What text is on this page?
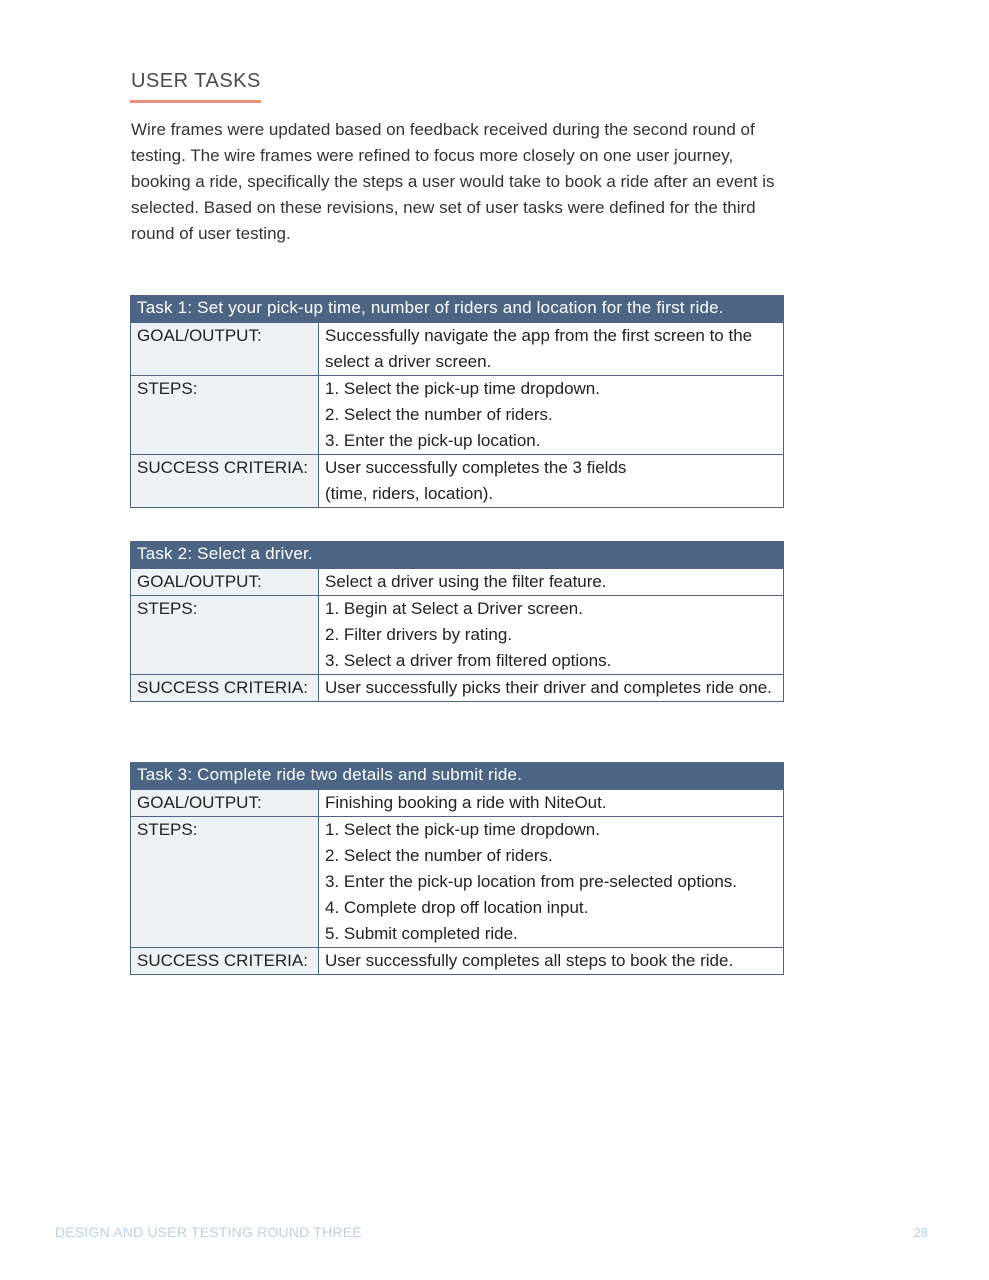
USER TASKS

Wire frames were updated based on feedback received during the second round of testing. The wire frames were refined to focus more closely on one user journey, booking a ride, specifically the steps a user would take to book a ride after an event is selected. Based on these revisions, new set of user tasks were defined for the third round of user testing.

Task 1: Set your pick-up time, number of riders and location for the first ride.	
GOAL/OUTPUT:	Successfully navigate the app from the first screen to the select a driver screen.
STEPS:	1. Select the pick-up time dropdown.
2. Select the number of riders.
3. Enter the pick-up location.

SUCCESS CRITERIA:	User successfully completes the 3 fields
(time, riders, location).
Task 2: Select a driver.	
GOAL/OUTPUT:	Select a driver using the filter feature.
STEPS:	1. Begin at Select a Driver screen.
2. Filter drivers by rating.
3. Select a driver from filtered options.

SUCCESS CRITERIA:	User successfully picks their driver and completes ride one.
Task 3: Complete ride two details and submit ride.	
GOAL/OUTPUT:	Finishing booking a ride with NiteOut.
STEPS:	1. Select the pick-up time dropdown.
2. Select the number of riders.
3. Enter the pick-up location from pre-selected options.
4. Complete drop off location input.
5. Submit completed ride.

SUCCESS CRITERIA:	User successfully completes all steps to book the ride.
DESIGN AND USER TESTING ROUND THREE	28
